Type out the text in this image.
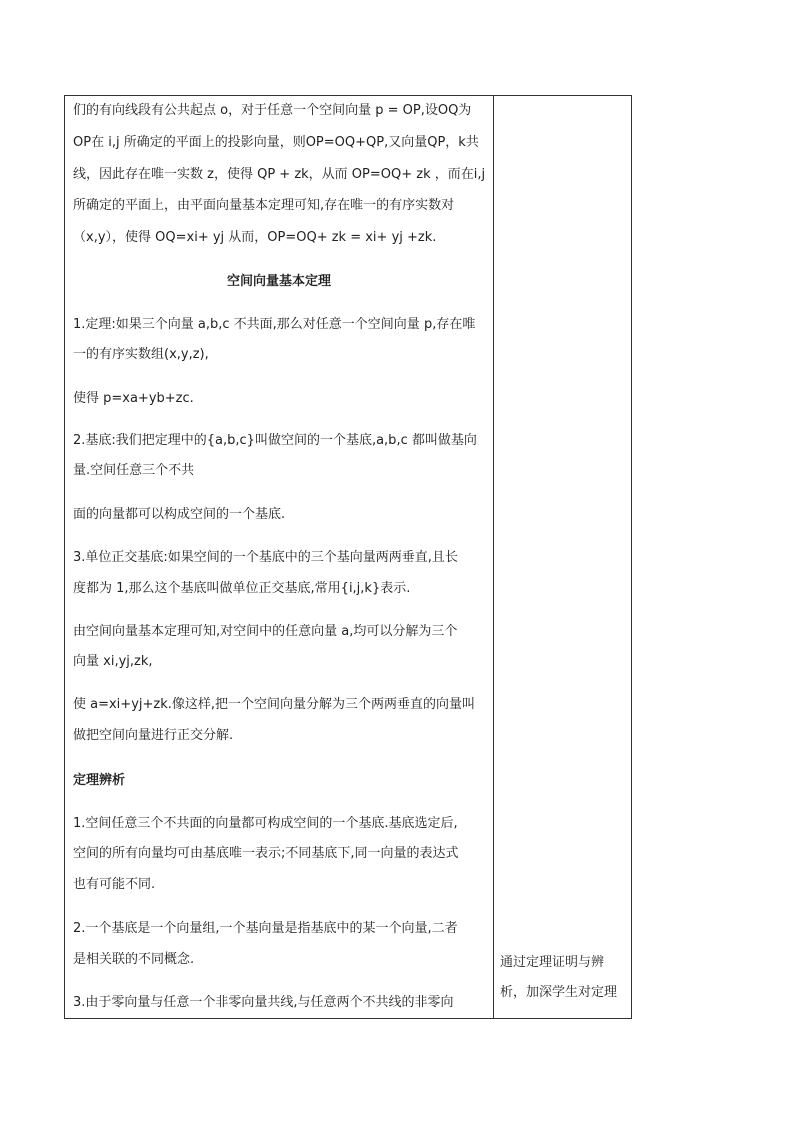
们的有向线段有公共起点 o，对于任意一个空间向量 p = OP,设OQ为
OP在 i,j 所确定的平面上的投影向量，则OP=OQ+QP,又向量QP，k共
线，因此存在唯一实数 z，使得 QP + zk，从而 OP=OQ+ zk ，而在i,j
所确定的平面上，由平面向量基本定理可知,存在唯一的有序实数对
（x,y），使得 OQ=xi+ yj 从而，OP=OQ+ zk = xi+ yj +zk.
空间向量基本定理
1.定理:如果三个向量 a,b,c 不共面,那么对任意一个空间向量 p,存在唯
一的有序实数组(x,y,z),
使得 p=xa+yb+zc.
2.基底:我们把定理中的{a,b,c}叫做空间的一个基底,a,b,c 都叫做基向
量.空间任意三个不共
面的向量都可以构成空间的一个基底.
3.单位正交基底:如果空间的一个基底中的三个基向量两两垂直,且长
度都为 1,那么这个基底叫做单位正交基底,常用{i,j,k}表示.
由空间向量基本定理可知,对空间中的任意向量 a,均可以分解为三个
向量 xi,yj,zk,
使 a=xi+yj+zk.像这样,把一个空间向量分解为三个两两垂直的向量叫
做把空间向量进行正交分解.
定理辨析
1.空间任意三个不共面的向量都可构成空间的一个基底.基底选定后,
空间的所有向量均可由基底唯一表示;不同基底下,同一向量的表达式
也有可能不同.
2.一个基底是一个向量组,一个基向量是指基底中的某一个向量,二者
是相关联的不同概念.
3.由于零向量与任意一个非零向量共线,与任意两个不共线的非零向
通过定理证明与辨
析，加深学生对定理
